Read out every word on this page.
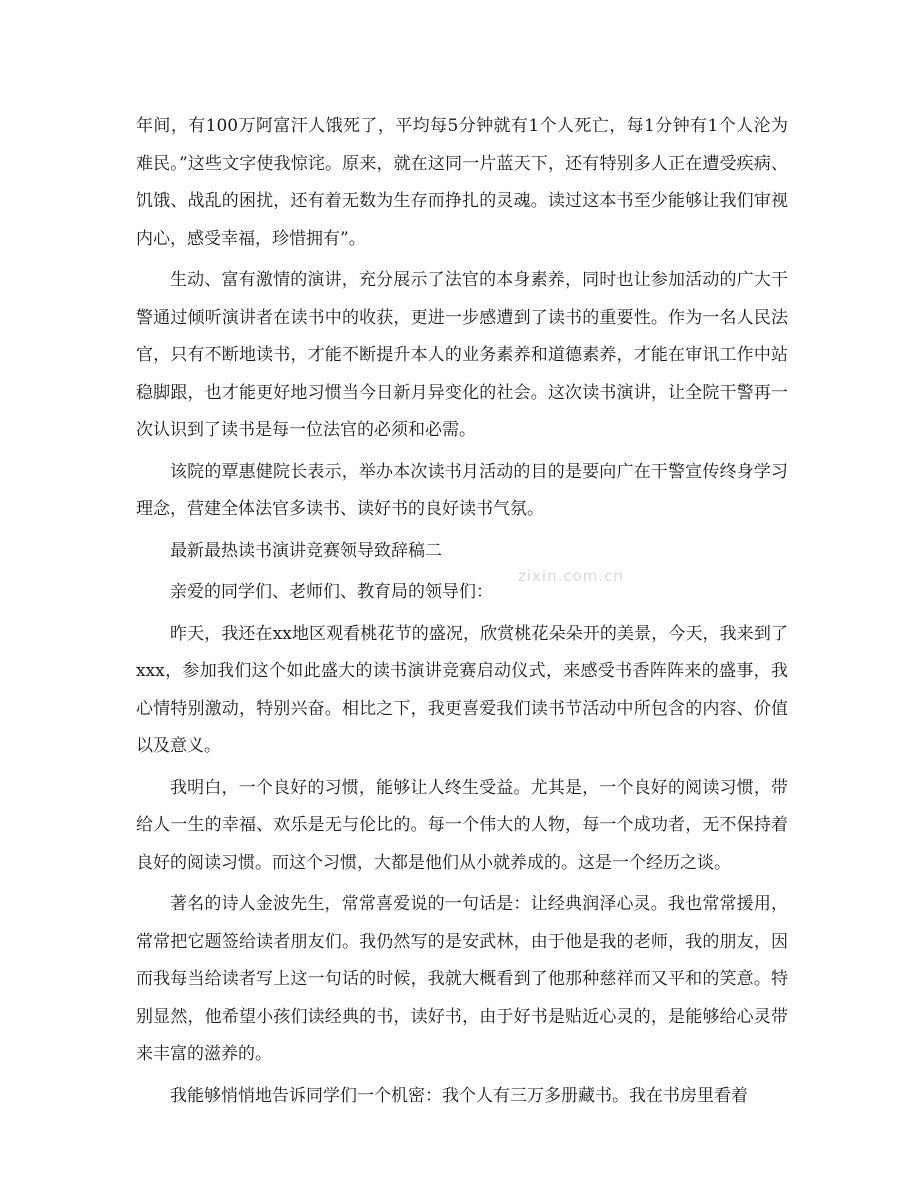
年间，有100万阿富汗人饿死了，平均每5分钟就有1个人死亡，每1分钟有1个人沦为难民。”这些文字使我惊诧。原来，就在这同一片蓝天下，还有特别多人正在遭受疾病、饥饿、战乱的困扰，还有着无数为生存而挣扎的灵魂。读过这本书至少能够让我们审视内心，感受幸福，珍惜拥有”。

生动、富有激情的演讲，充分展示了法官的本身素养，同时也让参加活动的广大干警通过倾听演讲者在读书中的收获，更进一步感遭到了读书的重要性。作为一名人民法官，只有不断地读书，才能不断提升本人的业务素养和道德素养，才能在审讯工作中站稳脚跟，也才能更好地习惯当今日新月异变化的社会。这次读书演讲，让全院干警再一次认识到了读书是每一位法官的必须和必需。

该院的覃惠健院长表示，举办本次读书月活动的目的是要向广在干警宣传终身学习理念，营建全体法官多读书、读好书的良好读书气氛。

最新最热读书演讲竞赛领导致辞稿二

亲爱的同学们、老师们、教育局的领导们：

昨天，我还在xx地区观看桃花节的盛况，欣赏桃花朵朵开的美景，今天，我来到了xxx，参加我们这个如此盛大的读书演讲竞赛启动仪式，来感受书香阵阵来的盛事，我心情特别激动，特别兴奋。相比之下，我更喜爱我们读书节活动中所包含的内容、价值以及意义。

我明白，一个良好的习惯，能够让人终生受益。尤其是，一个良好的阅读习惯，带给人一生的幸福、欢乐是无与伦比的。每一个伟大的人物，每一个成功者，无不保持着良好的阅读习惯。而这个习惯，大都是他们从小就养成的。这是一个经历之谈。

著名的诗人金波先生，常常喜爱说的一句话是：让经典润泽心灵。我也常常援用，常常把它题签给读者朋友们。我仍然写的是安武林，由于他是我的老师，我的朋友，因而我每当给读者写上这一句话的时候，我就大概看到了他那种慈祥而又平和的笑意。特别显然，他希望小孩们读经典的书，读好书，由于好书是贴近心灵的，是能够给心灵带来丰富的滋养的。

我能够悄悄地告诉同学们一个机密：我个人有三万多册藏书。我在书房里看着

zixin.com.cn
